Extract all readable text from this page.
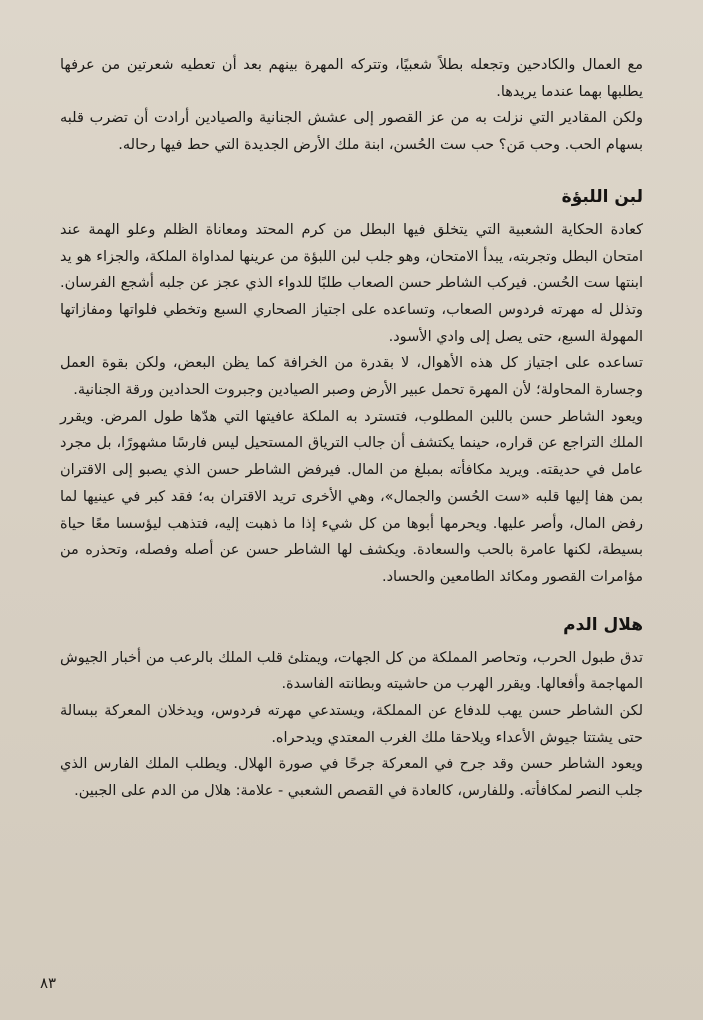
مع العمال والكادحين وتجعله بطلاً شعبيًا، وتتركه المهرة بينهم بعد أن تعطيه شعرتين من عرفها يطلبها بهما عندما يريدها.

ولكن المقادير التي نزلت به من عز القصور إلى عشش الجنانية والصيادين أرادت أن تضرب قلبه بسهام الحب. وحب مَن؟ حب ست الحُسن، ابنة ملك الأرض الجديدة التي حط فيها رحاله.

لبن اللبؤة

كعادة الحكاية الشعبية التي يتخلق فيها البطل من كرم المحتد ومعاناة الظلم وعلو الهمة عند امتحان البطل وتجربته، يبدأ الامتحان، وهو جلب لبن اللبؤة من عرينها لمداواة الملكة، والجزاء هو يد ابنتها ست الحُسن. فيركب الشاطر حسن الصعاب طلبًا للدواء الذي عجز عن جلبه أشجع الفرسان. وتذلل له مهرته فردوس الصعاب، وتساعده على اجتياز الصحاري السبع وتخطي فلواتها ومفازاتها المهولة السبع، حتى يصل إلى وادي الأسود.

تساعده على اجتياز كل هذه الأهوال، لا بقدرة من الخرافة كما يظن البعض، ولكن بقوة العمل وجسارة المحاولة؛ لأن المهرة تحمل عبير الأرض وصبر الصيادين وجبروت الحدادين ورقة الجنانية.

ويعود الشاطر حسن باللبن المطلوب، فتسترد به الملكة عافيتها التي هدّها طول المرض. ويقرر الملك التراجع عن قراره، حينما يكتشف أن جالب الترياق المستحيل ليس فارسًا مشهورًا، بل مجرد عامل في حديقته. ويريد مكافأته بمبلغ من المال. فيرفض الشاطر حسن الذي يصبو إلى الاقتران بمن هفا إليها قلبه «ست الحُسن والجمال»، وهي الأخرى تريد الاقتران به؛ فقد كبر في عينيها لما رفض المال، وأصر عليها. ويحرمها أبوها من كل شيء إذا ما ذهبت إليه، فتذهب ليؤسسا معًا حياة بسيطة، لكنها عامرة بالحب والسعادة. ويكشف لها الشاطر حسن عن أصله وفصله، وتحذره من مؤامرات القصور ومكائد الطامعين والحساد.

هلال الدم

تدق طبول الحرب، وتحاصر المملكة من كل الجهات، ويمتلئ قلب الملك بالرعب من أخبار الجيوش المهاجمة وأفعالها. ويقرر الهرب من حاشيته وبطانته الفاسدة.

لكن الشاطر حسن يهب للدفاع عن المملكة، ويستدعي مهرته فردوس، ويدخلان المعركة ببسالة حتى يشتتا جيوش الأعداء ويلاحقا ملك الغرب المعتدي ويدحراه.

ويعود الشاطر حسن وقد جرح في المعركة جرحًا في صورة الهلال. ويطلب الملك الفارس الذي جلب النصر لمكافأته. وللفارس، كالعادة في القصص الشعبي - علامة: هلال من الدم على الجبين.

٨٣
